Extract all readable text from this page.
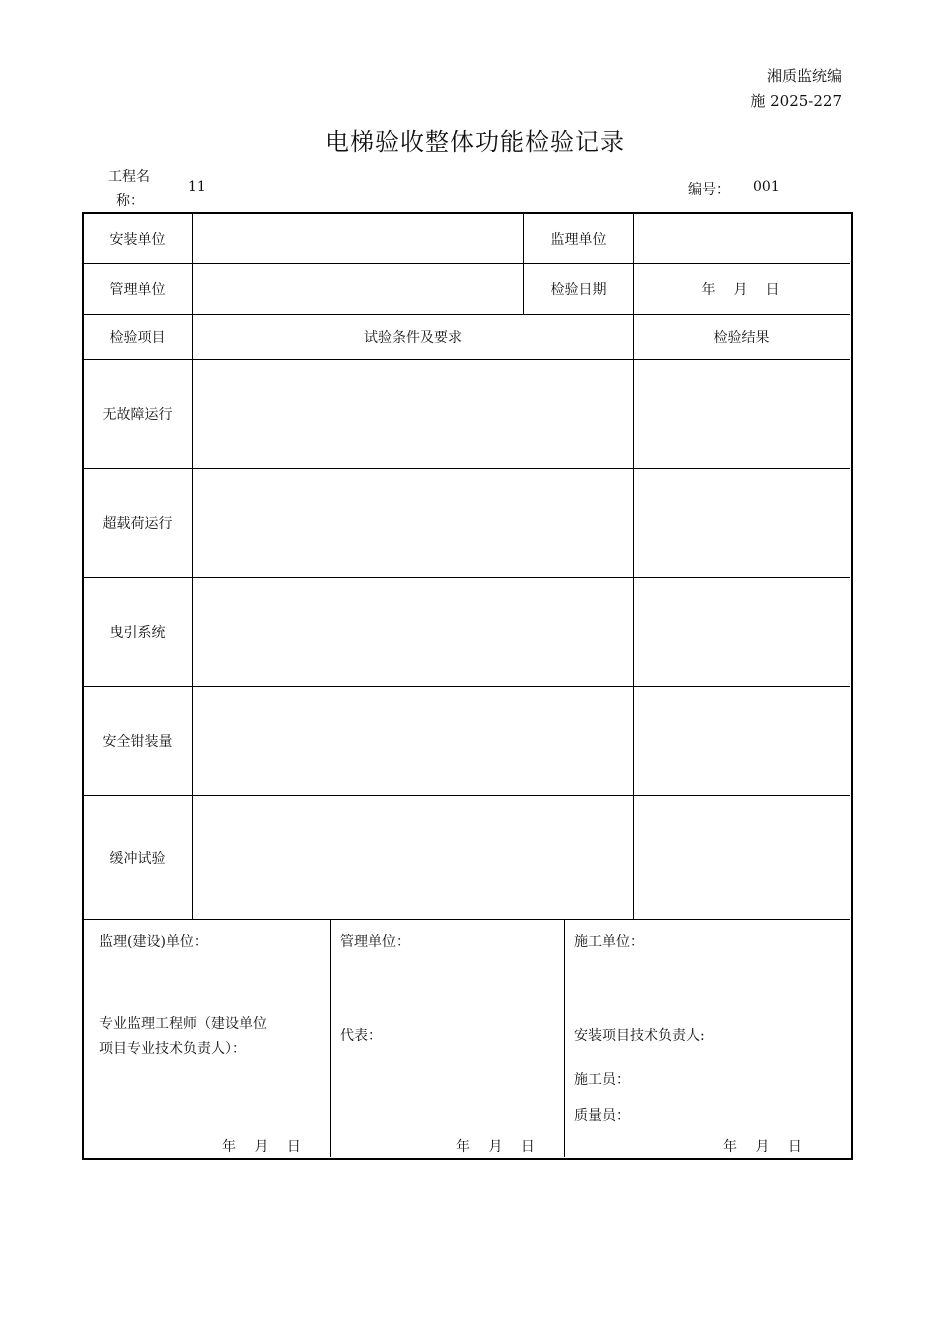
湘质监统编
施 2025-227
电梯验收整体功能检验记录
工程名
称：
11	编号： 001
安装单位	监理单位
管理单位	检验日期	年　月　日
检验项目	试验条件及要求	检验结果
无故障运行
超载荷运行
曳引系统
安全钳装量
缓冲试验
监理(建设)单位：
专业监理工程师（建设单位
项目专业技术负责人）：
年 月 日
管理单位：
代表：
年 月 日
施工单位：
安装项目技术负责人:
施工员：
质量员：
年 月 日
